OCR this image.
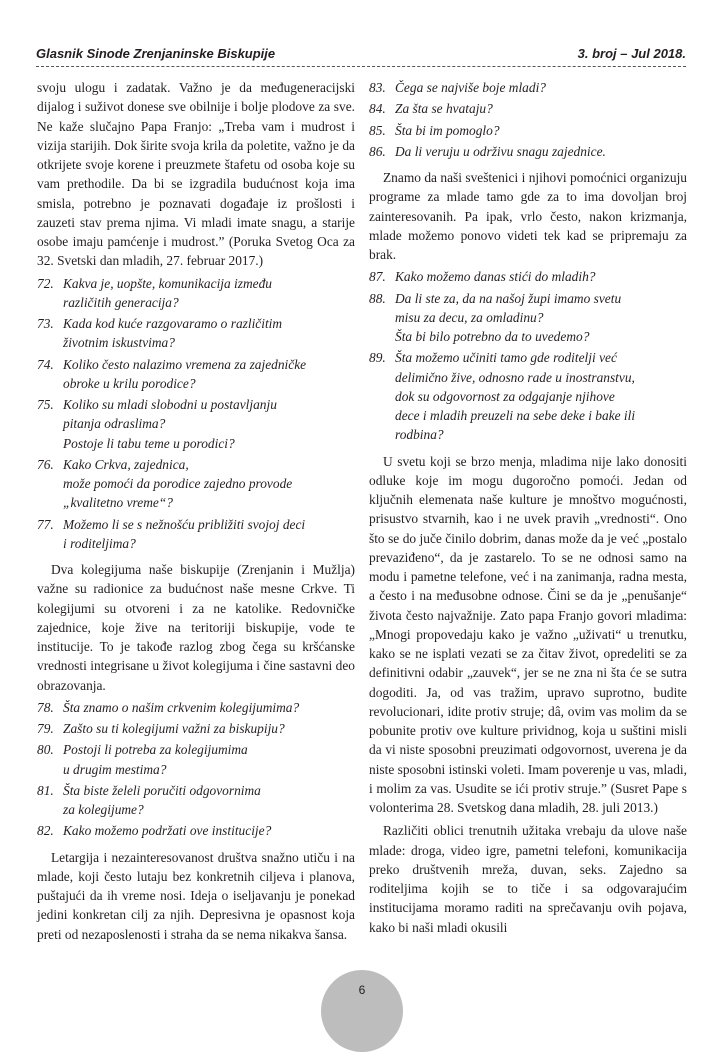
Glasnik Sinode Zrenjaninske Biskupije	3. broj – Jul 2018.

svoju ulogu i zadatak. Važno je da međugeneracijski dijalog i suživot donese sve obilnije i bolje plodove za sve. Ne kaže slučajno Papa Franjo: „Treba vam i mudrost i vizija starijih. Dok širite svoja krila da poletite, važno je da otkrijete svoje korene i preuzmete štafetu od osoba koje su vam prethodile. Da bi se izgradila budućnost koja ima smisla, potrebno je poznavati događaje iz prošlosti i zauzeti stav prema njima. Vi mladi imate snagu, a starije osobe imaju pamćenje i mudrost.” (Poruka Svetog Oca za 32. Svetski dan mladih, 27. februar 2017.)

72. Kakva je, uopšte, komunikacija između
različitih generacija?
73. Kada kod kuće razgovaramo o različitim
životnim iskustvima?
74. Koliko često nalazimo vremena za zajedničke
obroke u krilu porodice?
75. Koliko su mladi slobodni u postavljanju
pitanja odraslima?
Postoje li tabu teme u porodici?
76. Kako Crkva, zajednica,
može pomoći da porodice zajedno provode
„kvalitetno vreme“?
77. Možemo li se s nežnošću približiti svojoj deci
i roditeljima?

Dva kolegijuma naše biskupije (Zrenjanin i Mužlja) važne su radionice za budućnost naše mesne Crkve. Ti kolegijumi su otvoreni i za ne katolike. Redovničke zajednice, koje žive na teritoriji biskupije, vode te institucije. To je takođe razlog zbog čega su kršćanske vrednosti integrisane u život kolegijuma i čine sastavni deo obrazovanja.

78. Šta znamo o našim crkvenim kolegijumima?
79. Zašto su ti kolegijumi važni za biskupiju?
80. Postoji li potreba za kolegijumima
u drugim mestima?
81. Šta biste želeli poručiti odgovornima
za kolegijume?
82. Kako možemo podržati ove institucije?

Letargija i nezainteresovanost društva snažno utiču i na mlade, koji često lutaju bez konkretnih ciljeva i planova, puštajući da ih vreme nosi. Ideja o iseljavanju je ponekad jedini konkretan cilj za njih. Depresivna je opasnost koja preti od nezaposlenosti i straha da se nema nikakva šansa.

83. Čega se najviše boje mladi?
84. Za šta se hvataju?
85. Šta bi im pomoglo?
86. Da li veruju u održivu snagu zajednice.

Znamo da naši sveštenici i njihovi pomoćnici organizuju programe za mlade tamo gde za to ima dovoljan broj zainteresovanih. Pa ipak, vrlo često, nakon krizmanja, mlade možemo ponovo videti tek kad se pripremaju za brak.

87. Kako možemo danas stići do mladih?
88. Da li ste za, da na našoj župi imamo svetu
misu za decu, za omladinu?
Šta bi bilo potrebno da to uvedemo?
89. Šta možemo učiniti tamo gde roditelji već
delimično žive, odnosno rade u inostranstvu,
dok su odgovornost za odgajanje njihove
dece i mladih preuzeli na sebe deke i bake ili
rodbina?

U svetu koji se brzo menja, mladima nije lako donositi odluke koje im mogu dugoročno pomoći. Jedan od ključnih elemenata naše kulture je mnoštvo mogućnosti, prisustvo stvarnih, kao i ne uvek pravih „vrednosti“. Ono što se do juče činilo dobrim, danas može da je već „postalo prevaziđeno“, da je zastarelo. To se ne odnosi samo na modu i pametne telefone, već i na zanimanja, radna mesta, a često i na međusobne odnose. Čini se da je „penušanje“ života često najvažnije. Zato papa Franjo govori mladima: „Mnogi propovedaju kako je važno „uživati“ u trenutku, kako se ne isplati vezati se za čitav život, opredeliti se za definitivni odabir „zauvek“, jer se ne zna ni šta će se sutra dogoditi. Ja, od vas tražim, upravo suprotno, budite revolucionari, idite protiv struje; dâ, ovim vas molim da se pobunite protiv ove kulture prividnog, koja u suštini misli da vi niste sposobni preuzimati odgovornost, uverena je da niste sposobni istinski voleti. Imam poverenje u vas, mladi, i molim za vas. Usudite se ići protiv struje.” (Susret Pape s volonterima 28. Svetskog dana mladih, 28. juli 2013.)

Različiti oblici trenutnih užitaka vrebaju da ulove naše mlade: droga, video igre, pametni telefoni, komunikacija preko društvenih mreža, duvan, seks. Zajedno sa roditeljima kojih se to tiče i sa odgovarajućim institucijama moramo raditi na sprečavanju ovih pojava, kako bi naši mladi okusili

6
